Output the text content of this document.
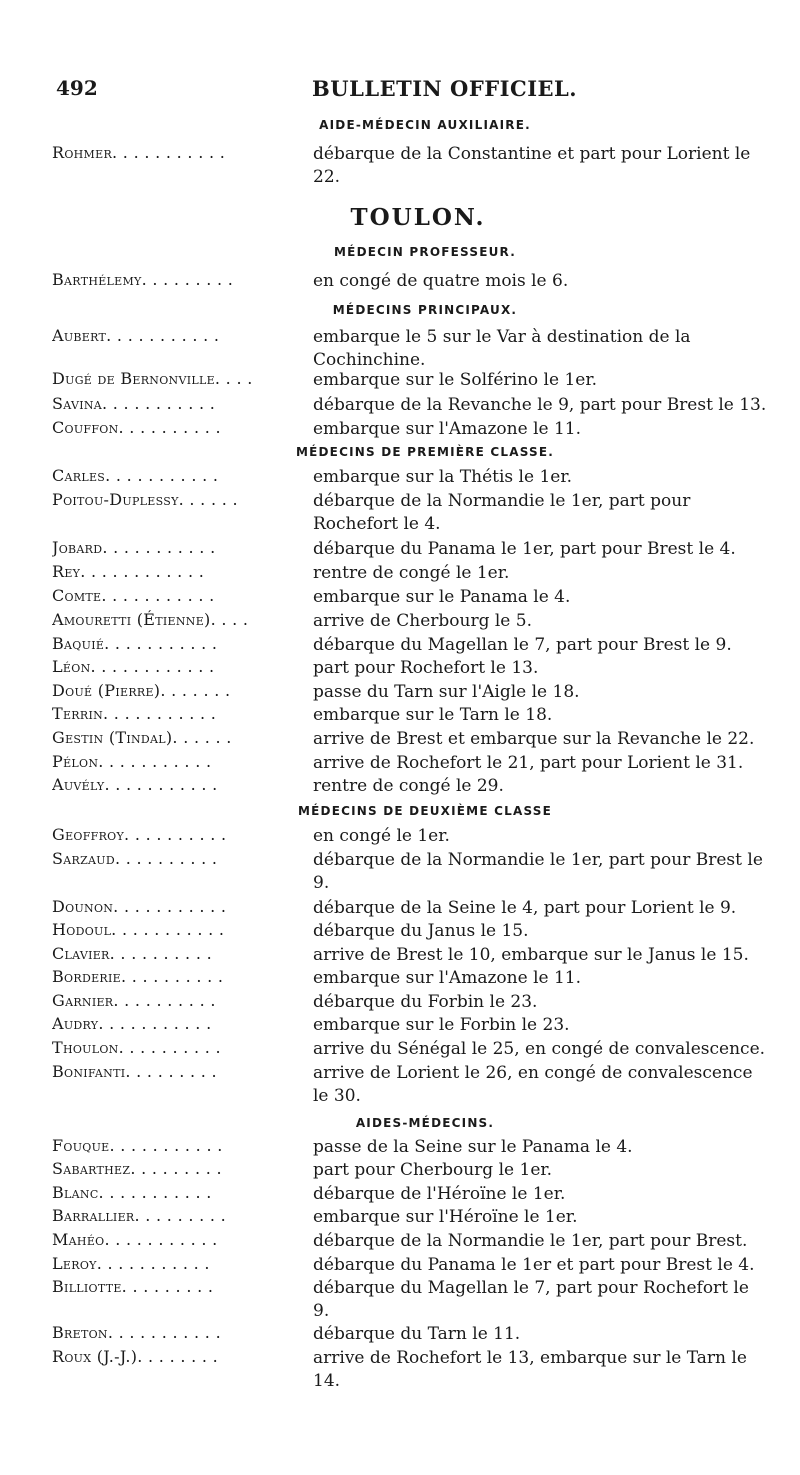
492	BULLETIN OFFICIEL.
AIDE-MÉDECIN AUXILIAIRE.
Rohmer. . . . . . . . . . .	débarque de la Constantine et part pour Lorient le 22.
TOULON.
MÉDECIN PROFESSEUR.
Barthélemy. . . . . . . . .	en congé de quatre mois le 6.
MÉDECINS PRINCIPAUX.
Aubert. . . . . . . . . . .	embarque le 5 sur le Var à destination de la Cochinchine.
Dugé de Bernonville. . . .	embarque sur le Solférino le 1er.
Savina. . . . . . . . . . .	débarque de la Revanche le 9, part pour Brest le 13.
Couffon. . . . . . . . . .	embarque sur l'Amazone le 11.
MÉDECINS DE PREMIÈRE CLASSE.
Carles. . . . . . . . . . .	embarque sur la Thétis le 1er.
Poitou-Duplessy. . . . . .	débarque de la Normandie le 1er, part pour Rochefort le 4.
Jobard. . . . . . . . . . .	débarque du Panama le 1er, part pour Brest le 4.
Rey. . . . . . . . . . . .	rentre de congé le 1er.
Comte. . . . . . . . . . .	embarque sur le Panama le 4.
Amouretti (Étienne). . . .	arrive de Cherbourg le 5.
Baquié. . . . . . . . . . .	débarque du Magellan le 7, part pour Brest le 9.
Léon. . . . . . . . . . . .	part pour Rochefort le 13.
Doué (Pierre). . . . . . .	passe du Tarn sur l'Aigle le 18.
Terrin. . . . . . . . . . .	embarque sur le Tarn le 18.
Gestin (Tindal). . . . . .	arrive de Brest et embarque sur la Revanche le 22.
Pélon. . . . . . . . . . .	arrive de Rochefort le 21, part pour Lorient le 31.
Auvély. . . . . . . . . . .	rentre de congé le 29.
MÉDECINS DE DEUXIÈME CLASSE
Geoffroy. . . . . . . . . .	en congé le 1er.
Sarzaud. . . . . . . . . .	débarque de la Normandie le 1er, part pour Brest le 9.
Dounon. . . . . . . . . . .	débarque de la Seine le 4, part pour Lorient le 9.
Hodoul. . . . . . . . . . .	débarque du Janus le 15.
Clavier. . . . . . . . . .	arrive de Brest le 10, embarque sur le Janus le 15.
Borderie. . . . . . . . . .	embarque sur l'Amazone le 11.
Garnier. . . . . . . . . .	débarque du Forbin le 23.
Audry. . . . . . . . . . .	embarque sur le Forbin le 23.
Thoulon. . . . . . . . . .	arrive du Sénégal le 25, en congé de convalescence.
Bonifanti. . . . . . . . .	arrive de Lorient le 26, en congé de convalescence le 30.
AIDES-MÉDECINS.
Fouque. . . . . . . . . . .	passe de la Seine sur le Panama le 4.
Sabarthez. . . . . . . . .	part pour Cherbourg le 1er.
Blanc. . . . . . . . . . .	débarque de l'Héroïne le 1er.
Barrallier. . . . . . . . .	embarque sur l'Héroïne le 1er.
Mahéo. . . . . . . . . . .	débarque de la Normandie le 1er, part pour Brest.
Leroy. . . . . . . . . . .	débarque du Panama le 1er et part pour Brest le 4.
Billiotte. . . . . . . . .	débarque du Magellan le 7, part pour Rochefort le 9.
Breton. . . . . . . . . . .	débarque du Tarn le 11.
Roux (J.-J.). . . . . . . .	arrive de Rochefort le 13, embarque sur le Tarn le 14.
